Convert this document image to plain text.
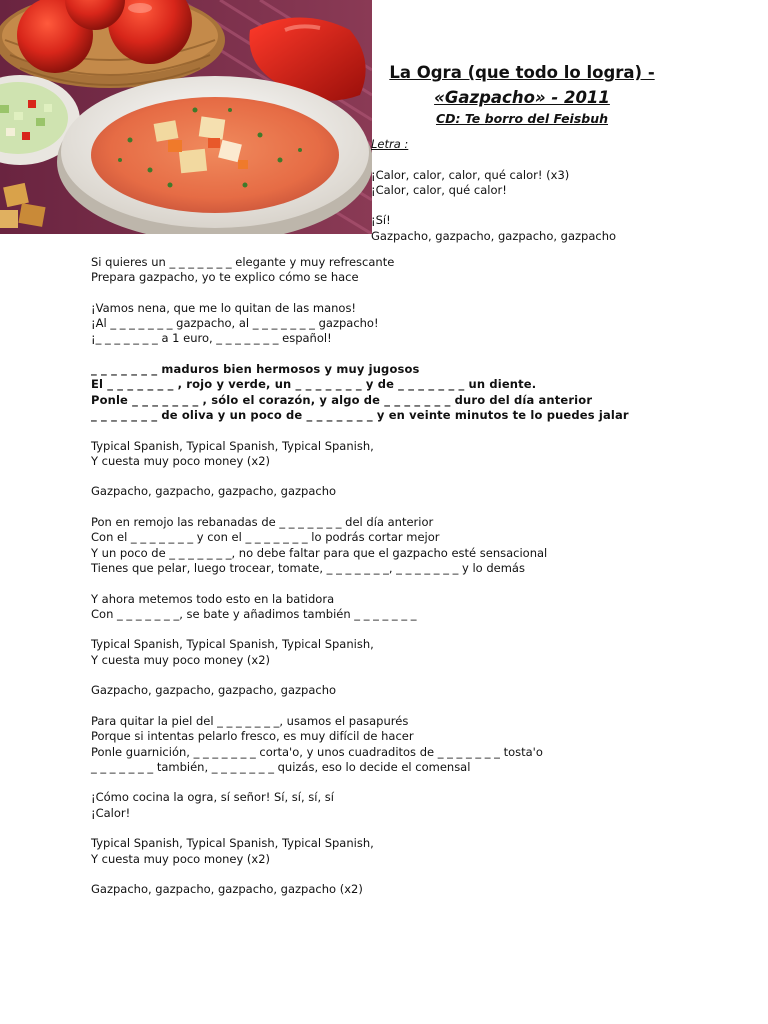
La Ogra (que todo lo logra) -
«Gazpacho» - 2011
CD: Te borro del Feisbuh
Letra :
¡Calor, calor, calor, qué calor! (x3)
¡Calor, calor, qué calor!
¡Sí!
Gazpacho, gazpacho, gazpacho, gazpacho
Si quieres un _ _ _ _ _ _ _ elegante y muy refrescante
Prepara gazpacho, yo te explico cómo se hace
¡Vamos nena, que me lo quitan de las manos!
¡Al _ _ _ _ _ _ _ gazpacho, al _ _ _ _ _ _ _ gazpacho!
¡_ _ _ _ _ _ _ a 1 euro, _ _ _ _ _ _ _ español!
_ _ _ _ _ _ _ maduros bien hermosos y muy jugosos
El _ _ _ _ _ _ _ , rojo y verde, un _ _ _ _ _ _ _ y de _ _ _ _ _ _ _ un diente.
Ponle _ _ _ _ _ _ _ , sólo el corazón, y algo de _ _ _ _ _ _ _ duro del día anterior
_ _ _ _ _ _ _ de oliva y un poco de _ _ _ _ _ _ _ y en veinte minutos te lo puedes jalar
Typical Spanish, Typical Spanish, Typical Spanish,
Y cuesta muy poco money (x2)
Gazpacho, gazpacho, gazpacho, gazpacho
Pon en remojo las rebanadas de _ _ _ _ _ _ _ del día anterior
Con el _ _ _ _ _ _ _ y con el _ _ _ _ _ _ _ lo podrás cortar mejor
Y un poco de _ _ _ _ _ _ _, no debe faltar para que el gazpacho esté sensacional
Tienes que pelar, luego trocear, tomate, _ _ _ _ _ _ _, _ _ _ _ _ _ _ y lo demás
Y ahora metemos todo esto en la batidora
Con _ _ _ _ _ _ _, se bate y añadimos también _ _ _ _ _ _ _
Typical Spanish, Typical Spanish, Typical Spanish,
Y cuesta muy poco money (x2)
Gazpacho, gazpacho, gazpacho, gazpacho
Para quitar la piel del _ _ _ _ _ _ _, usamos el pasapurés
Porque si intentas pelarlo fresco, es muy difícil de hacer
Ponle guarnición, _ _ _ _ _ _ _ corta'o, y unos cuadraditos de _ _ _ _ _ _ _ tosta'o
_ _ _ _ _ _ _ también, _ _ _ _ _ _ _ quizás, eso lo decide el comensal
¡Cómo cocina la ogra, sí señor! Sí, sí, sí, sí
¡Calor!
Typical Spanish, Typical Spanish, Typical Spanish,
Y cuesta muy poco money (x2)
Gazpacho, gazpacho, gazpacho, gazpacho (x2)
